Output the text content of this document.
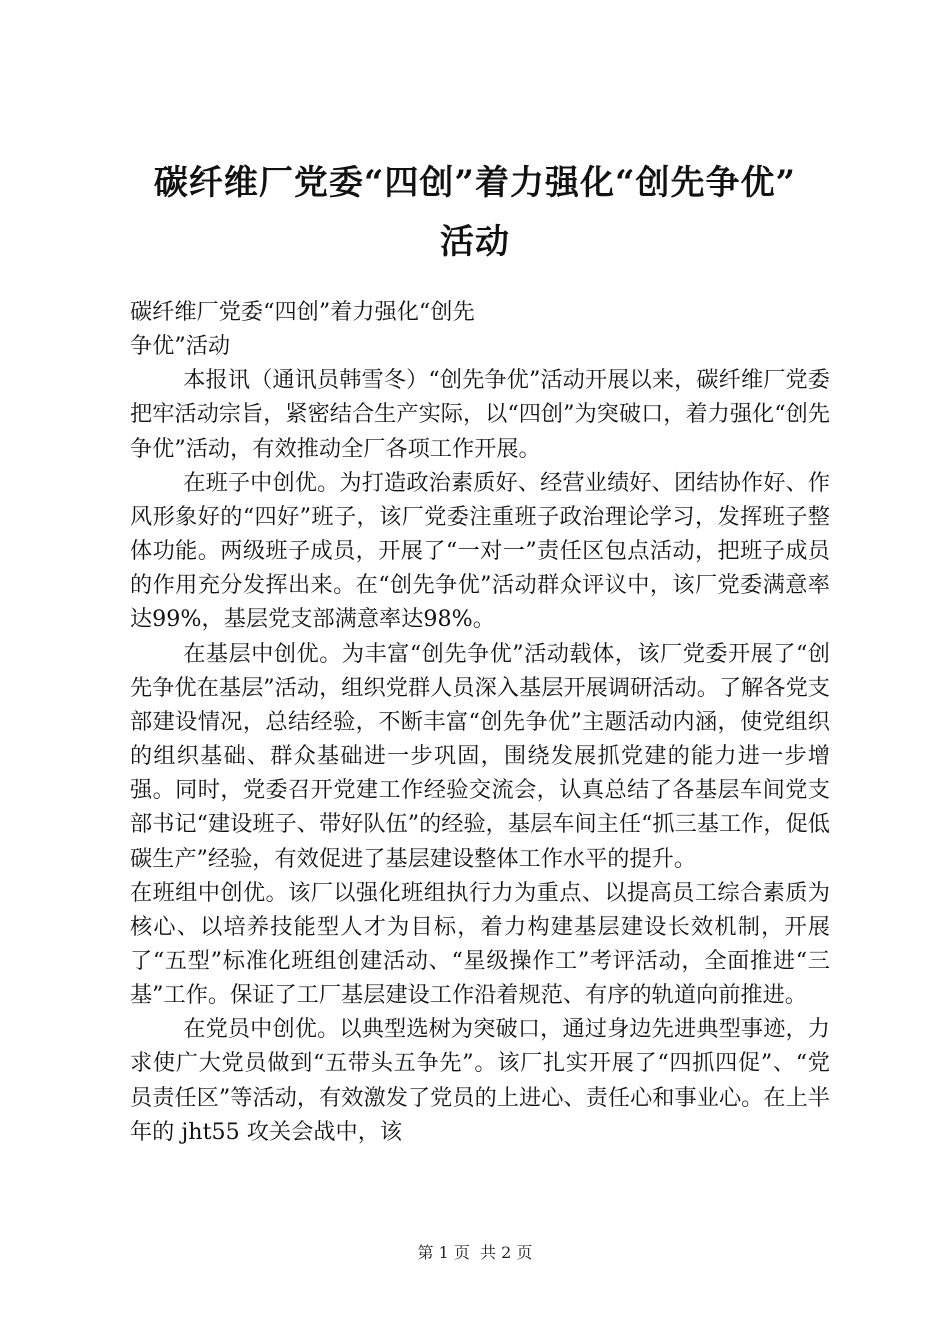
碳纤维厂党委“四创”着力强化“创先争优”
活动

碳纤维厂党委“四创”着力强化“创先

争优”活动

本报讯（通讯员韩雪冬）“创先争优”活动开展以来，碳纤维厂党委把牢活动宗旨，紧密结合生产实际，以“四创”为突破口，着力强化“创先争优”活动，有效推动全厂各项工作开展。

在班子中创优。为打造政治素质好、经营业绩好、团结协作好、作风形象好的“四好”班子，该厂党委注重班子政治理论学习，发挥班子整体功能。两级班子成员，开展了“一对一”责任区包点活动，把班子成员的作用充分发挥出来。在“创先争优”活动群众评议中，该厂党委满意率达99%，基层党支部满意率达98%。

在基层中创优。为丰富“创先争优”活动载体，该厂党委开展了“创先争优在基层”活动，组织党群人员深入基层开展调研活动。了解各党支部建设情况，总结经验，不断丰富“创先争优”主题活动内涵，使党组织的组织基础、群众基础进一步巩固，围绕发展抓党建的能力进一步增强。同时，党委召开党建工作经验交流会，认真总结了各基层车间党支部书记“建设班子、带好队伍”的经验，基层车间主任“抓三基工作，促低碳生产”经验，有效促进了基层建设整体工作水平的提升。

在班组中创优。该厂以强化班组执行力为重点、以提高员工综合素质为核心、以培养技能型人才为目标，着力构建基层建设长效机制，开展了“五型”标准化班组创建活动、“星级操作工”考评活动，全面推进“三基”工作。保证了工厂基层建设工作沿着规范、有序的轨道向前推进。

在党员中创优。以典型选树为突破口，通过身边先进典型事迹，力求使广大党员做到“五带头五争先”。该厂扎实开展了“四抓四促”、“党员责任区”等活动，有效激发了党员的上进心、责任心和事业心。在上半年的 jht55 攻关会战中，该

第 1 页  共 2 页
